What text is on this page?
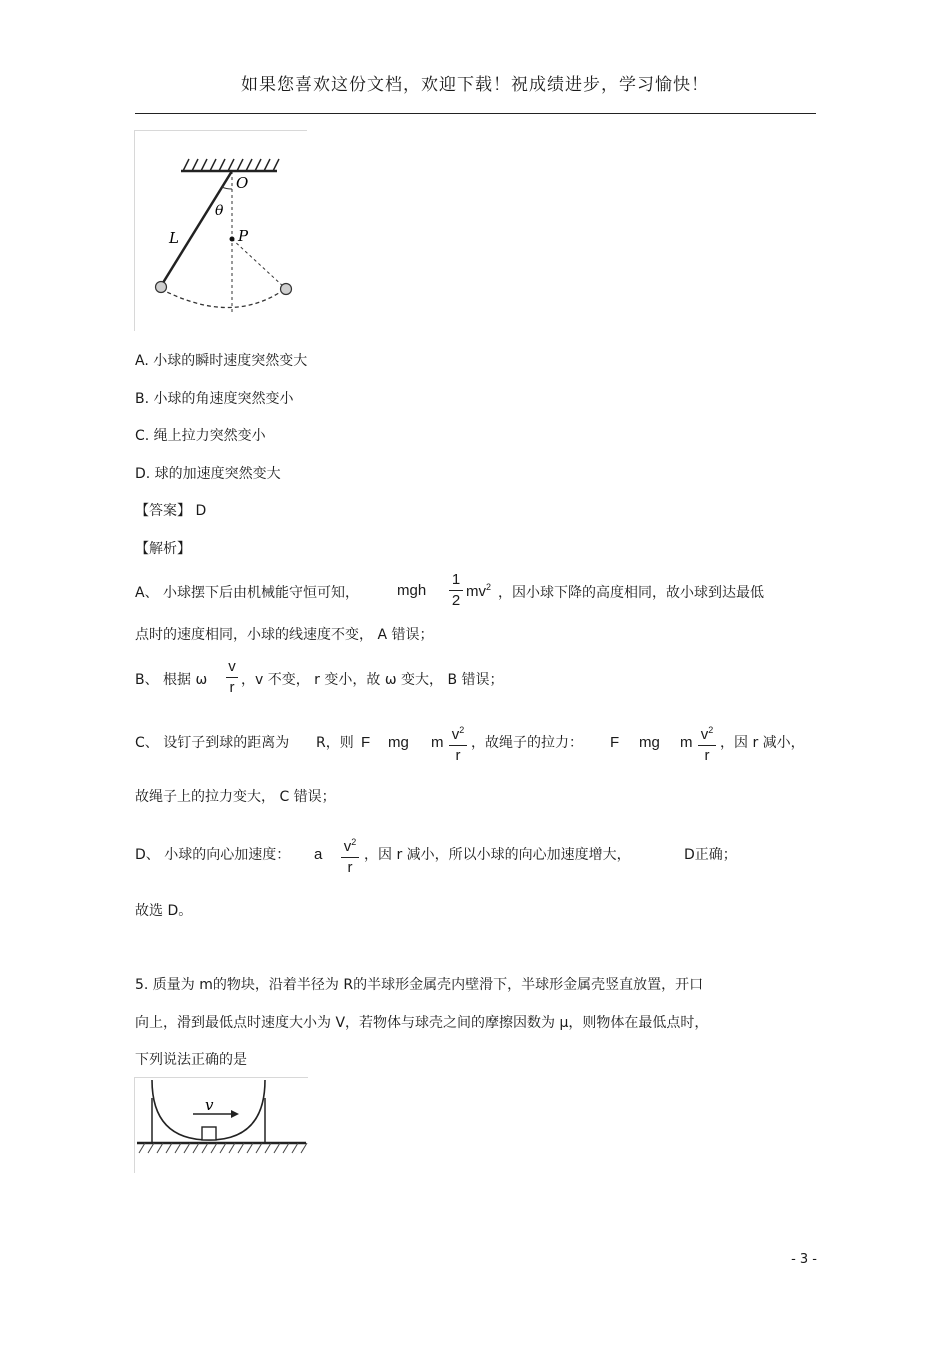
如果您喜欢这份文档，欢迎下载！祝成绩进步，学习愉快！
O
θ
L	P
A. 小球的瞬时速度突然变大
B. 小球的角速度突然变小
C. 绳上拉力突然变小
D. 球的加速度突然变大
【答案】 D
【解析】
A、 小球摆下后由机械能守恒可知，	mgh
1
2
$mv^2$ ，因小球下降的高度相同，故小球到达最低
点时的速度相同，小球的线速度不变， A 错误；
B、 根据 ω
v
r ，v 不变， r 变小，故 ω 变大， B 错误；
C、 设钉子到球的距离为 R，则 F mg m $v^2$
r
，故绳子的拉力： F mg m $v^2$
r
，因 r 减小，
故绳子上的拉力变大， C 错误；
D、 小球的向心加速度： a $v^2$
r
，因 r 减小，所以小球的向心加速度增大，	D正确；
故选 D。
5. 质量为 m的物块，沿着半径为 R的半球形金属壳内壁滑下，半球形金属壳竖直放置，开口
向上，滑到最低点时速度大小为 V，若物体与球壳之间的摩擦因数为 μ，则物体在最低点时，
下列说法正确的是
v
- 3 -
